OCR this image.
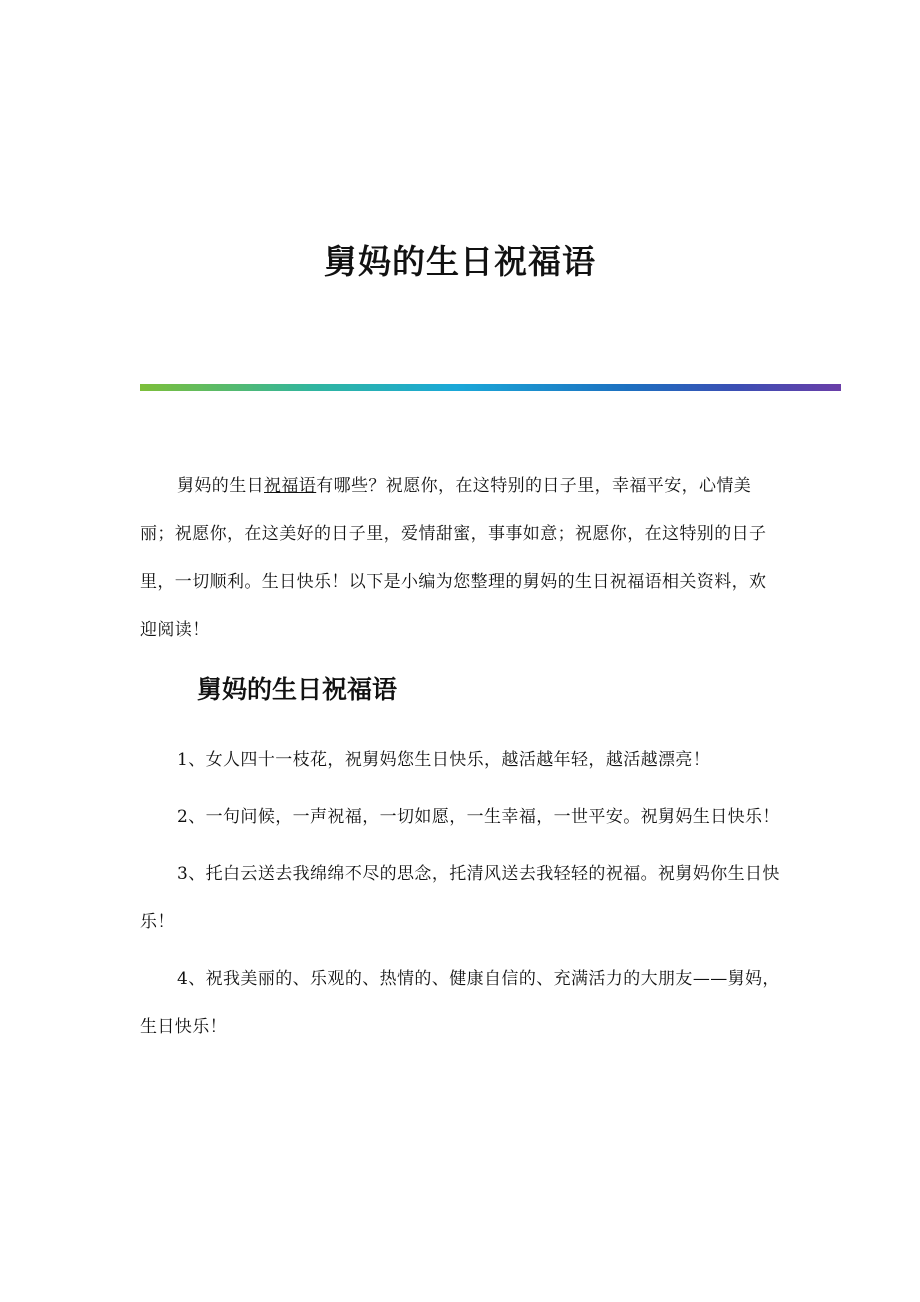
舅妈的生日祝福语

舅妈的生日祝福语有哪些？祝愿你，在这特别的日子里，幸福平安，心情美丽；祝愿你，在这美好的日子里，爱情甜蜜，事事如意；祝愿你，在这特别的日子里，一切顺利。生日快乐！以下是小编为您整理的舅妈的生日祝福语相关资料，欢迎阅读！

舅妈的生日祝福语
1、女人四十一枝花，祝舅妈您生日快乐，越活越年轻，越活越漂亮！
2、一句问候，一声祝福，一切如愿，一生幸福，一世平安。祝舅妈生日快乐！
3、托白云送去我绵绵不尽的思念，托清风送去我轻轻的祝福。祝舅妈你生日快乐！
4、祝我美丽的、乐观的、热情的、健康自信的、充满活力的大朋友——舅妈，生日快乐！
